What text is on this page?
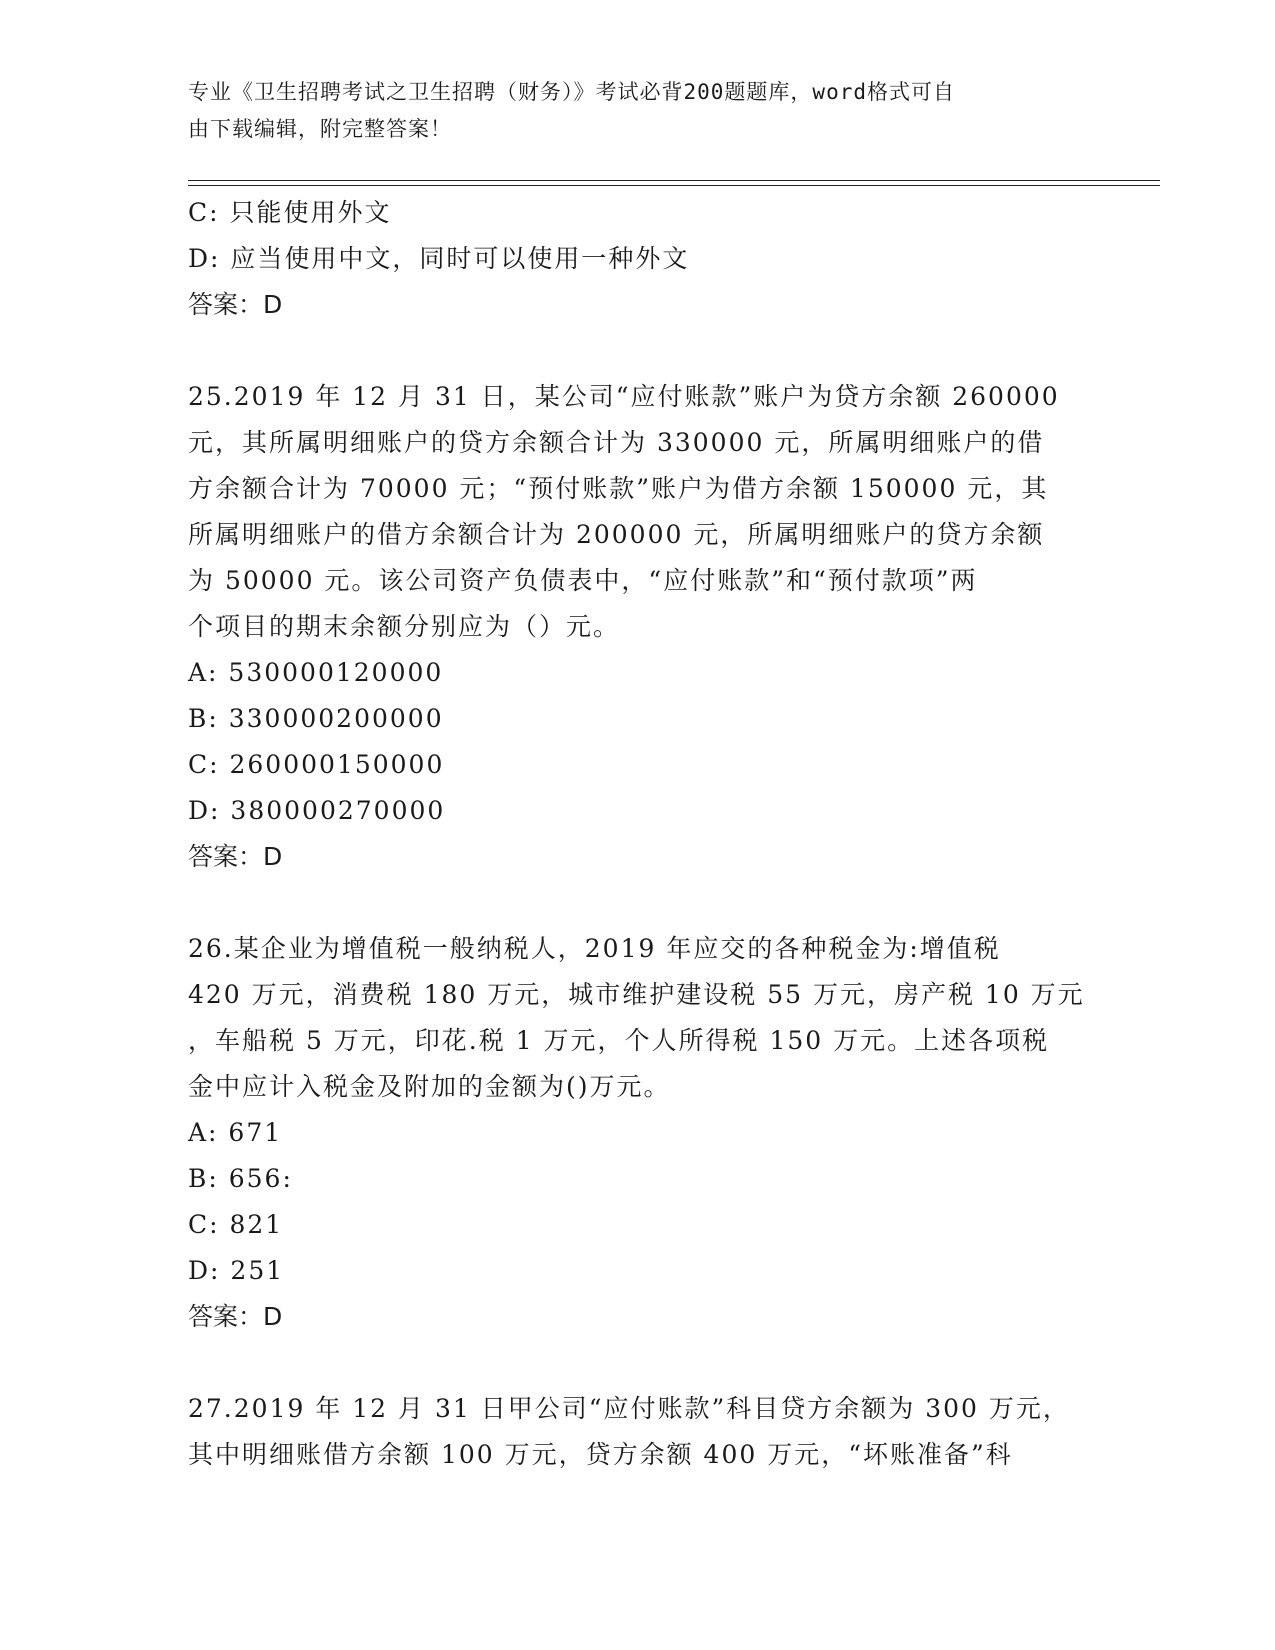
专业《卫生招聘考试之卫生招聘（财务）》考试必背200题题库，word格式可自
由下载编辑，附完整答案！
C: 只能使用外文
D: 应当使用中文，同时可以使用一种外文
答案：D
25.2019 年 12 月 31 日，某公司“应付账款”账户为贷方余额 260000
元，其所属明细账户的贷方余额合计为 330000 元，所属明细账户的借
方余额合计为 70000 元；“预付账款”账户为借方余额 150000 元，其
所属明细账户的借方余额合计为 200000 元，所属明细账户的贷方余额
为 50000 元。该公司资产负债表中，“应付账款”和“预付款项”两
个项目的期末余额分别应为（）元。
A: 530000120000
B: 330000200000
C: 260000150000
D: 380000270000
答案：D
26.某企业为增值税一般纳税人，2019 年应交的各种税金为:增值税
420 万元，消费税 180 万元，城市维护建设税 55 万元，房产税 10 万元
，车船税 5 万元，印花.税 1 万元，个人所得税 150 万元。上述各项税
金中应计入税金及附加的金额为()万元。
A: 671
B: 656:
C: 821
D: 251
答案：D
27.2019 年 12 月 31 日甲公司“应付账款”科目贷方余额为 300 万元，
其中明细账借方余额 100 万元，贷方余额 400 万元，“坏账准备”科
